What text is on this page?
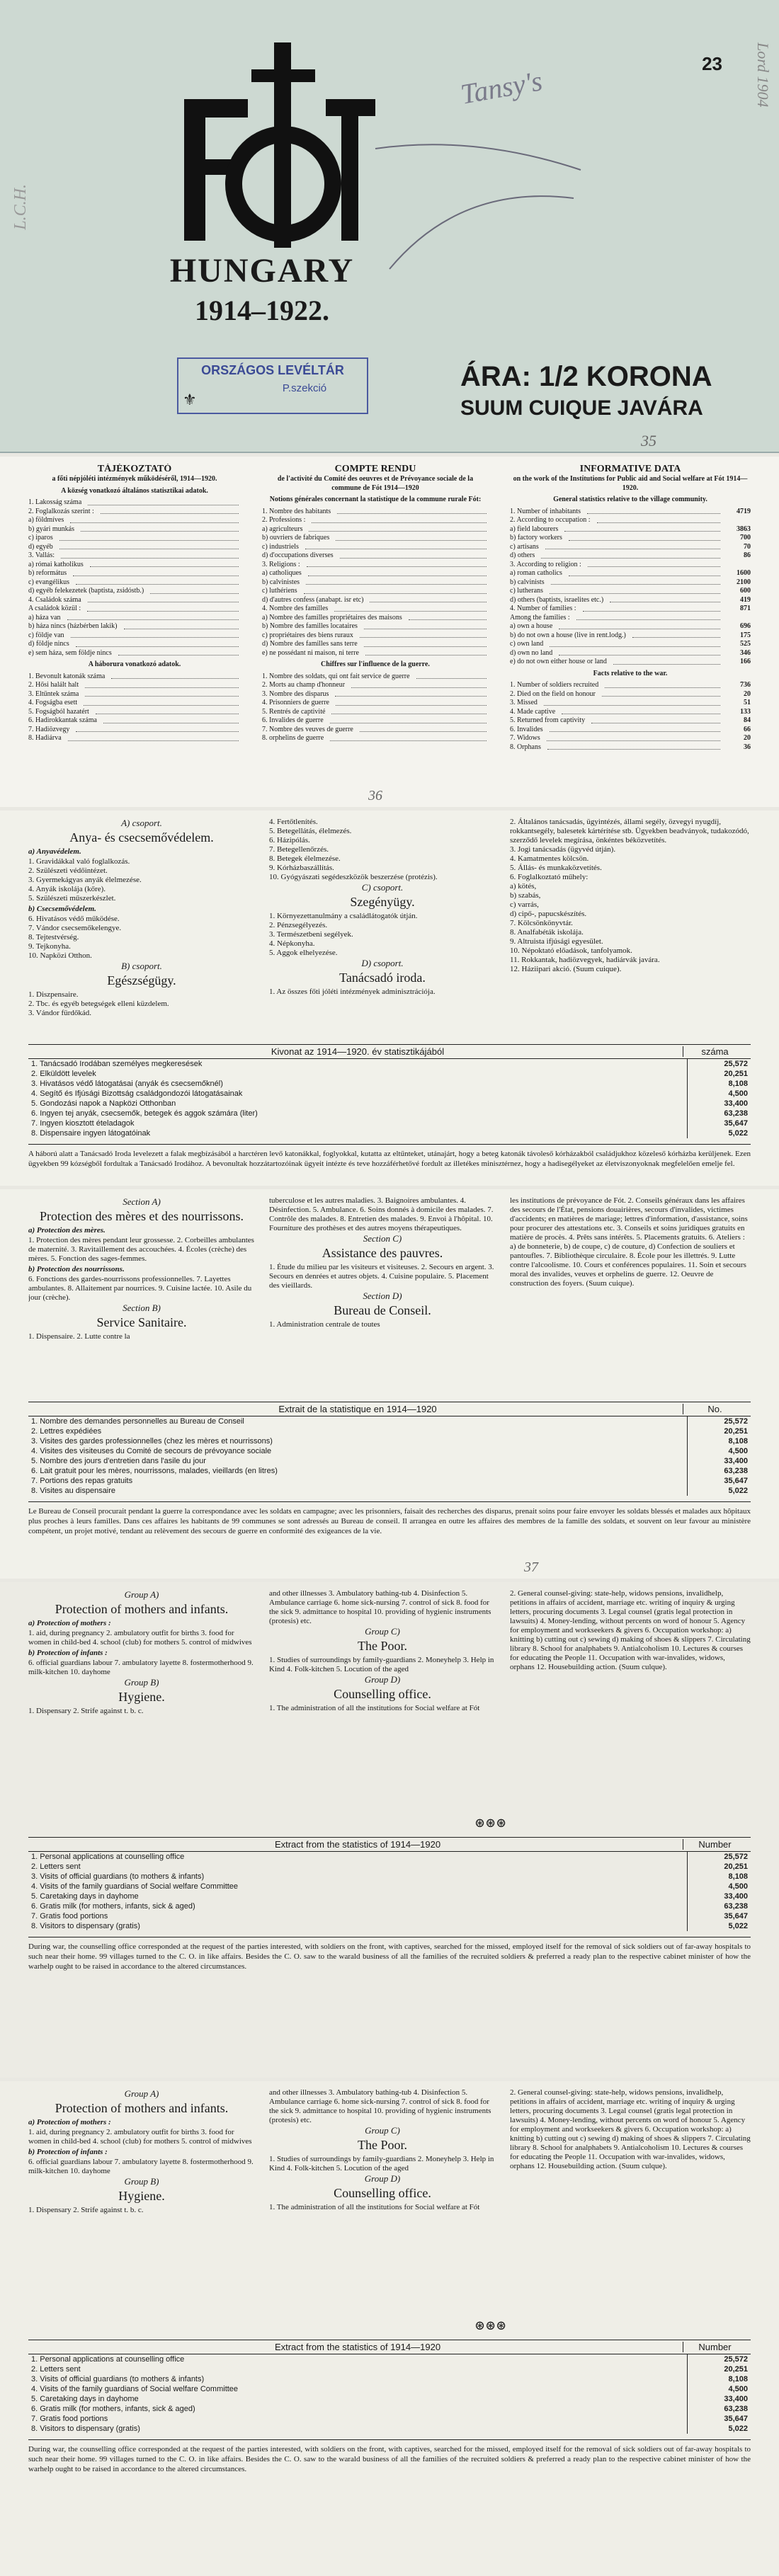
23 Lord 1904
L.C.H.
HUNGARY
1914–1922.
Tansy's
ORSZÁGOS LEVÉLTÁR
P.szekció
⚜
ÁRA: 1/2 KORONA
SUUM CUIQUE JAVÁRA
35
TÁJÉKOZTATÓ
a főti népjóléti intézmények működéséről, 1914—1920.
A község vonatkozó általános statisztikai adatok.
1. Lakosság száma
2. Foglalkozás szerint :
a) földmíves
b) gyári munkás
c) iparos
d) egyéb
3. Vallás:
a) római katholikus
b) református
c) evangélikus
d) egyéb felekezetek (baptista, zsidóstb.)
4. Családok száma
A családok közül :
a) háza van
b) háza nincs (házbérben lakik)
c) földje van
d) földje nincs
e) sem háza, sem földje nincs
A háborura vonatkozó adatok.
1. Bevonult katonák száma
2. Hősi halált halt
3. Eltűntek száma
4. Fogságba esett
5. Fogságból hazatért
6. Hadirokkantak száma
7. Hadiözvegy
8. Hadiárva
COMPTE RENDU
de l'activité du Comité des oeuvres et de Prévoyance sociale de la commune de Fót 1914—1920
Notions générales concernant la statistique de la commune rurale Fót:
1. Nombre des habitants
2. Professions :
a) agriculteurs
b) ouvriers de fabriques
c) industriels
d) d'occupations diverses
3. Religions :
a) catholiques
b) calvinistes
c) luthériens
d) d'autres confess (anabapt. isr etc)
4. Nombre des familles
a) Nombre des familles propriétaires des maisons
b) Nombre des familles locataires
c) propriétaires des biens ruraux
d) Nombre des familles sans terre
e) ne possédant ni maison, ni terre
Chiffres sur l'influence de la guerre.
1. Nombre des soldats, qui ont fait service de guerre
2. Morts au champ d'honneur
3. Nombre des disparus
4. Prisonniers de guerre
5. Rentrés de captivité
6. Invalides de guerre
7. Nombre des veuves de guerre
8. orphelins de guerre
INFORMATIVE DATA
on the work of the Institutions for Public aid and Social welfare at Fót 1914—1920.
General statistics relative to the village community.
1. Number of inhabitants	4719
2. According to occupation :
a) field labourers	3863
b) factory workers	700
c) artisans	70
d) others	86
3. According to religion :
a) roman catholics	1600
b) calvinists	2100
c) lutherans	600
d) others (baptists, israelites etc.)	419
4. Number of families :	871
Among the families :
a) own a house	696
b) do not own a house (live in rent.lodg.)	175
c) own land	525
d) own no land	346
e) do not own either house or land	166
Facts relative to the war.
1. Number of soldiers recruited	736
2. Died on the field on honour	20
3. Missed	51
4. Made captive	133
5. Returned from captivity	84
6. Invalides	66
7. Widows	20
8. Orphans	36
36
A) csoport.
Anya- és csecsemővédelem.
a) Anyavédelem.
1. Gravidákkal való foglalkozás.
2. Szülészeti védőintézet.
3. Gyermekágyas anyák élelmezése.
4. Anyák iskolája (kőre).
5. Szülészeti műszerkészlet.
b) Csecsemővédelem.
6. Hivatásos védő működése.
7. Vándor csecsemőkelengye.
8. Tejtestvérség.
9. Tejkonyha.
10. Napközi Otthon.
B) csoport.
Egészségügy.
1. Diszpensaire.
2. Tbc. és egyéb betegségek elleni küzdelem.
3. Vándor fürdőkád.
4. Fertőtlenítés.
5. Betegellátás, élelmezés.
6. Házipólás.
7. Betegellenőrzés.
8. Betegek élelmezése.
9. Kórházbaszállítás.
10. Gyógyászati segédeszközök beszerzése (protézis).
C) csoport.
Szegényügy.
1. Környezettanulmány a családlátogatók útján.
2. Pénzsegélyezés.
3. Természetbeni segélyek.
4. Népkonyha.
5. Aggok elhelyezése.
D) csoport.
Tanácsadó iroda.
1. Az összes főti jóléti intézmények adminisztrációja.
2. Általános tanácsadás, ügyintézés, állami segély, özvegyi nyugdíj, rokkantsegély, balesetek kártérítése stb. Ügyekben beadványok, tudakozódó, szerződő levelek megírása, önkéntes béközvetítés.
3. Jogi tanácsadás (ügyvéd útján).
4. Kamatmentes kölcsön.
5. Állás- és munkaközvetítés.
6. Foglalkoztató műhely:
a) kötés,
b) szabás,
c) varrás,
d) cipő-, papucskészítés.
7. Kölcsönkönyvtár.
8. Analfabéták iskolája.
9. Altruista ifjúsági egyesület.
10. Népoktató előadások, tanfolyamok.
11. Rokkantak, hadiözvegyek, hadiárvák javára.
12. Háziipari akció. (Suum cuique).
Kivonat az 1914—1920. év statisztikájából	száma
1. Tanácsadó Irodában személyes megkeresések	25,572
2. Elküldött levelek	20,251
3. Hivatásos védő látogatásai (anyák és csecsemőknél)	8,108
4. Segítő és Ifjúsági Bizottság családgondozói látogatásainak	4,500
5. Gondozási napok a Napközi Otthonban	33,400
6. Ingyen tej anyák, csecsemők, betegek és aggok számára (liter)	63,238
7. Ingyen kiosztott ételadagok	35,647
8. Dispensaire ingyen látogatóinak	5,022
A háború alatt a Tanácsadó Iroda levelezett a falak megbízásából a harctéren levő katonákkal, foglyokkal, kutatta az eltűnteket, utánajárt, hogy a beteg katonák távoleső kórházakból családjukhoz közeleső kórházba kerüljenek. Ezen ügyekben 99 kózségből fordultak a Tanácsadó Irodához. A bevonultak hozzátartozóinak ügyeit intézte és teve hozzáférhetővé fordult az illetékes minisztérnez, hogy a hadisegélyeket az életviszonyoknak megfelelően emelje fel.
Section A)
Protection des mères et des nourrissons.
a) Protection des mères.
1. Protection des mères pendant leur grossesse. 2. Corbeilles ambulantes de maternité. 3. Ravitaillement des accouchées. 4. Écoles (crèche) des mères. 5. Fonction des sages-femmes.
b) Protection des nourrissons.
6. Fonctions des gardes-nourrissons professionnelles. 7. Layettes ambulantes. 8. Allaitement par nourrices. 9. Cuisine lactée. 10. Asile du jour (crèche).
Section B)
Service Sanitaire.
1. Dispensaire. 2. Lutte contre la
tuberculose et les autres maladies. 3. Baignoires ambulantes. 4. Désinfection. 5. Ambulance. 6. Soins donnés à domicile des malades. 7. Contrôle des malades. 8. Entretien des malades. 9. Envoi à l'hôpital. 10. Fourniture des prothèses et des autres moyens thérapeutiques.
Section C)
Assistance des pauvres.
1. Étude du milieu par les visiteurs et visiteuses. 2. Secours en argent. 3. Secours en denrées et autres objets. 4. Cuisine populaire. 5. Placement des vieillards.
Section D)
Bureau de Conseil.
1. Administration centrale de toutes
les institutions de prévoyance de Fót. 2. Conseils généraux dans les affaires des secours de l'État, pensions douairières, secours d'invalides, victimes d'accidents; en matières de mariage; lettres d'information, d'assistance, soins pour procurer des attestations etc. 3. Conseils et soins juridiques gratuits en matière de procès. 4. Prêts sans intérêts. 5. Placements gratuits. 6. Ateliers : a) de bonneterie, b) de coupe, c) de couture, d) Confection de souliers et pantoufles. 7. Bibliothèque circulaire. 8. École pour les illettrés. 9. Lutte contre l'alcoolisme. 10. Cours et conférences populaires. 11. Soin et secours moral des invalides, veuves et orphelins de guerre. 12. Oeuvre de construction des foyers. (Suum cuique).
Extrait de la statistique en 1914—1920	No.
1. Nombre des demandes personnelles au Bureau de Conseil	25,572
2. Lettres expédiées	20,251
3. Visites des gardes professionnelles (chez les mères et nourrissons)	8,108
4. Visites des visiteuses du Comité de secours de prévoyance sociale	4,500
5. Nombre des jours d'entretien dans l'asile du jour	33,400
6. Lait gratuit pour les mères, nourrissons, malades, vieillards (en litres)	63,238
7. Portions des repas gratuits	35,647
8. Visites au dispensaire	5,022
Le Bureau de Conseil procurait pendant la guerre la correspondance avec les soldats en campagne; avec les prisonniers, faisait des recherches des disparus, prenait soins pour faire envoyer les soldats blessés et malades aux hôpitaux plus proches à leurs familles. Dans ces affaires les habitants de 99 communes se sont adressés au Bureau de conseil. Il arrangea en outre les affaires des membres de la famille des soldats, et souvent on leur favour au ministère compétent, un projet motivé, tendant au relèvement des secours de guerre en conformité des exigeances de la vie.
37
Group A)
Protection of mothers and infants.
a) Protection of mothers :
1. aid, during pregnancy 2. ambulatory outfit for births 3. food for women in child-bed 4. school (club) for mothers 5. control of midwives
b) Protection of infants :
6. official guardians labour 7. ambulatory layette 8. fostermotherhood 9. milk-kitchen 10. dayhome
Group B)
Hygiene.
1. Dispensary 2. Strife against t. b. c.
and other illnesses 3. Ambulatory bathing-tub 4. Disinfection 5. Ambulance carriage 6. home sick-nursing 7. control of sick 8. food for the sick 9. admittance to hospital 10. providing of hygienic instruments (protesis) etc.
Group C)
The Poor.
1. Studies of surroundings by family-guardians 2. Moneyhelp 3. Help in Kind 4. Folk-kitchen 5. Locution of the aged
Group D)
Counselling office.
1. The administration of all the institutions for Social welfare at Fót
2. General counsel-giving: state-help, widows pensions, invalidhelp, petitions in affairs of accident, marriage etc. writing of inquiry & urging letters, procuring documents 3. Legal counsel (gratis legal protection in lawsuits) 4. Money-lending, without percents on word of honour 5. Agency for employment and workseekers & givers 6. Occupation workshop: a) knitting b) cutting out c) sewing d) making of shoes & slippers 7. Circulating library 8. School for analphabets 9. Antialcoholism 10. Lectures & courses for educating the People 11. Occupation with war-invalides, widows, orphans 12. Housebuilding action. (Suum culque).
⊛⊛⊛
Extract from the statistics of 1914—1920	Number
1. Personal applications at counselling office	25,572
2. Letters sent	20,251
3. Visits of official guardians (to mothers & infants)	8,108
4. Visits of the family guardians of Social welfare Committee	4,500
5. Caretaking days in dayhome	33,400
6. Gratis milk (for mothers, infants, sick & aged)	63,238
7. Gratis food portions	35,647
8. Visitors to dispensary (gratis)	5,022
During war, the counselling office corresponded at the request of the parties interested, with soldiers on the front, with captives, searched for the missed, employed itself for the removal of sick soldiers out of far-away hospitals to such near their home. 99 villages turned to the C. O. in like affairs. Besides the C. O. saw to the warald business of all the families of the recruited soldiers & preferred a ready plan to the respective cabinet minister of how the warhelp ought to be raised in accordance to the altered circumstances.
Group A)
Protection of mothers and infants.
a) Protection of mothers :
1. aid, during pregnancy 2. ambulatory outfit for births 3. food for women in child-bed 4. school (club) for mothers 5. control of midwives
b) Protection of infants :
6. official guardians labour 7. ambulatory layette 8. fostermotherhood 9. milk-kitchen 10. dayhome
Group B)
Hygiene.
1. Dispensary 2. Strife against t. b. c.
and other illnesses 3. Ambulatory bathing-tub 4. Disinfection 5. Ambulance carriage 6. home sick-nursing 7. control of sick 8. food for the sick 9. admittance to hospital 10. providing of hygienic instruments (protesis) etc.
Group C)
The Poor.
1. Studies of surroundings by family-guardians 2. Moneyhelp 3. Help in Kind 4. Folk-kitchen 5. Locution of the aged
Group D)
Counselling office.
1. The administration of all the institutions for Social welfare at Fót
2. General counsel-giving: state-help, widows pensions, invalidhelp, petitions in affairs of accident, marriage etc. writing of inquiry & urging letters, procuring documents 3. Legal counsel (gratis legal protection in lawsuits) 4. Money-lending, without percents on word of honour 5. Agency for employment and workseekers & givers 6. Occupation workshop: a) knitting b) cutting out c) sewing d) making of shoes & slippers 7. Circulating library 8. School for analphabets 9. Antialcoholism 10. Lectures & courses for educating the People 11. Occupation with war-invalides, widows, orphans 12. Housebuilding action. (Suum culque).
⊛⊛⊛
Extract from the statistics of 1914—1920	Number
1. Personal applications at counselling office	25,572
2. Letters sent	20,251
3. Visits of official guardians (to mothers & infants)	8,108
4. Visits of the family guardians of Social welfare Committee	4,500
5. Caretaking days in dayhome	33,400
6. Gratis milk (for mothers, infants, sick & aged)	63,238
7. Gratis food portions	35,647
8. Visitors to dispensary (gratis)	5,022
During war, the counselling office corresponded at the request of the parties interested, with soldiers on the front, with captives, searched for the missed, employed itself for the removal of sick soldiers out of far-away hospitals to such near their home. 99 villages turned to the C. O. in like affairs. Besides the C. O. saw to the warald business of all the families of the recruited soldiers & preferred a ready plan to the respective cabinet minister of how the warhelp ought to be raised in accordance to the altered circumstances.
